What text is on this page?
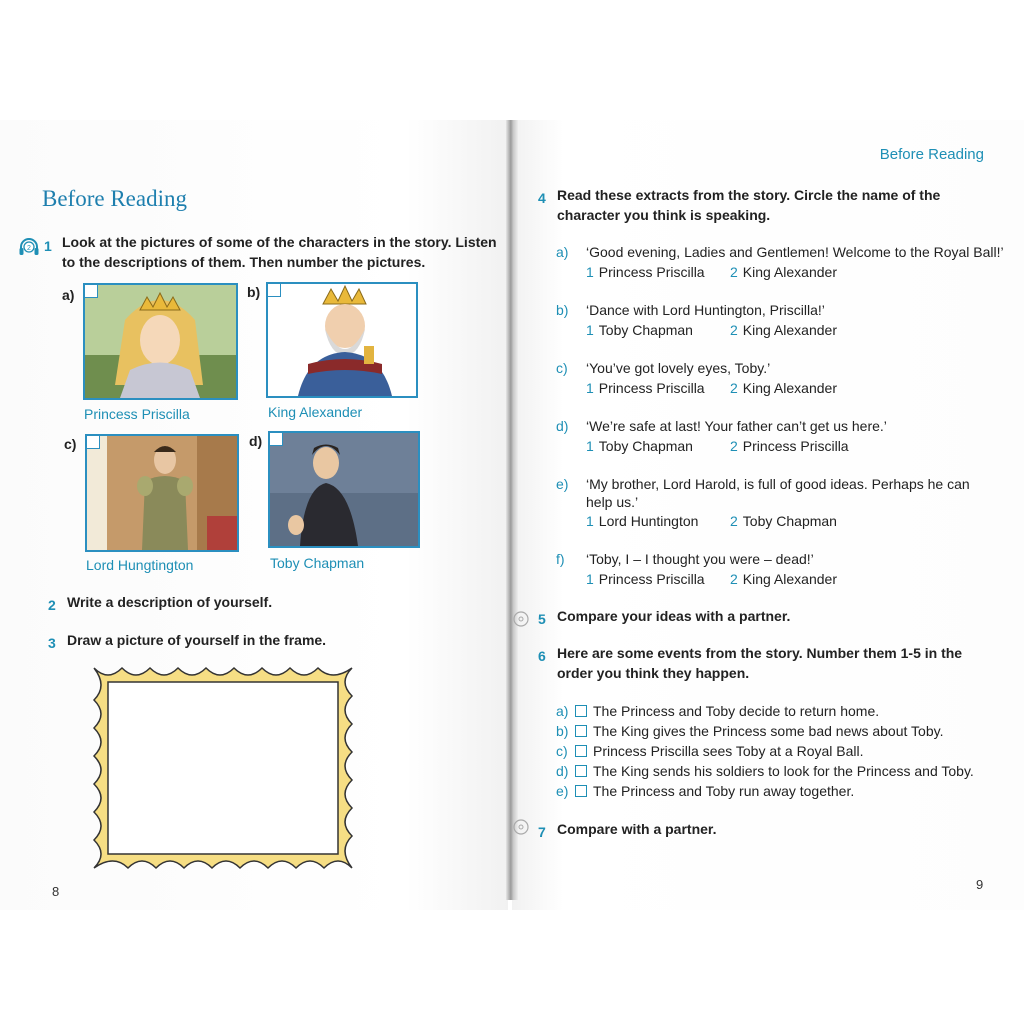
Before Reading
2 1 Look at the pictures of some of the characters in the story. Listen to the descriptions of them. Then number the pictures.
a)
Princess Priscilla
b)
King Alexander
c)
Lord Hungtington
d)
Toby Chapman
2 Write a description of yourself.
3 Draw a picture of yourself in the frame.
8
Before Reading
4 Read these extracts from the story. Circle the name of the character you think is speaking.
a) ‘Good evening, Ladies and Gentlemen! Welcome to the Royal Ball!’
1 Princess Priscilla 2 King Alexander
b) ‘Dance with Lord Huntington, Priscilla!’
1 Toby Chapman	2 King Alexander
c) ‘You’ve got lovely eyes, Toby.’
1 Princess Priscilla 2 King Alexander
d) ‘We’re safe at last! Your father can’t get us here.’
1 Toby Chapman	2 Princess Priscilla
e) ‘My brother, Lord Harold, is full of good ideas. Perhaps he can help us.’
1 Lord Huntington 2 Toby Chapman
f) ‘Toby, I – I thought you were – dead!’
1 Princess Priscilla 2 King Alexander
5 Compare your ideas with a partner.
6 Here are some events from the story. Number them 1-5 in the order you think they happen.
a) The Princess and Toby decide to return home.
b) The King gives the Princess some bad news about Toby.
c) Princess Priscilla sees Toby at a Royal Ball.
d) The King sends his soldiers to look for the Princess and Toby.
e) The Princess and Toby run away together.
7 Compare with a partner.
9
